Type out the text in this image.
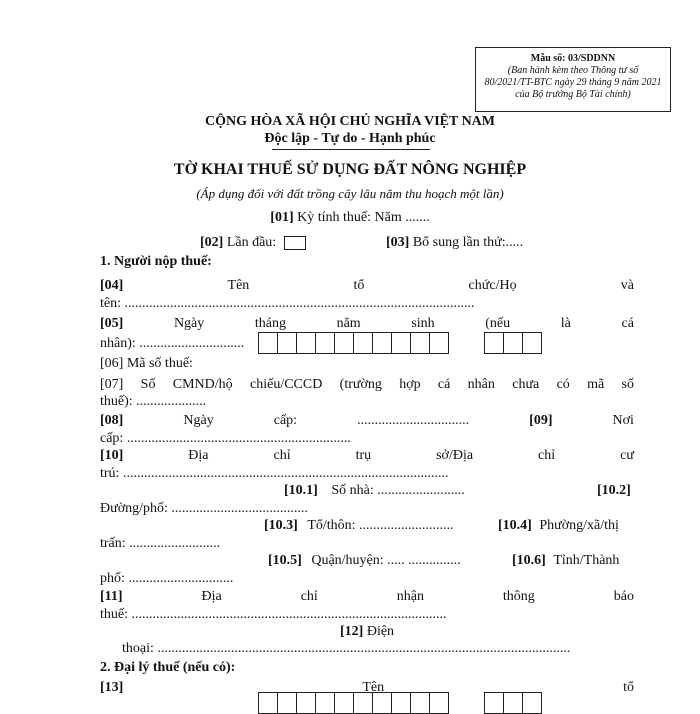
Mẫu số: 03/SDDNN
(Ban hành kèm theo Thông tư số
80/2021/TT-BTC ngày 29 tháng 9 năm 2021
của Bộ trưởng Bộ Tài chính)
CỘNG HÒA XÃ HỘI CHỦ NGHĨA VIỆT NAM
Độc lập - Tự do - Hạnh phúc
TỜ KHAI THUẾ SỬ DỤNG ĐẤT NÔNG NGHIỆP
(Áp dụng đối với đất trồng cây lâu năm thu hoạch một lần)
[01] Kỳ tính thuế: Năm .......
[02] Lần đầu:	[03] Bổ sung lần thứ:.....
1. Người nộp thuế:
[04]	Tên	tổ	chức/Họ	và
tên: ....................................................................................................
[05]	Ngày	tháng	năm	sinh	(nếu	là	cá
nhân): ..............................
[06] Mã số thuế:
[07] Số CMND/hộ chiếu/CCCD (trường hợp cá nhân chưa có mã số
thuế): ....................
[08]	Ngày	cấp:	................................	[09]	Nơi
cấp: ................................................................
[10]	Địa	chỉ	trụ	sở/Địa	chỉ	cư
trú: .............................................................................................
[10.1] Số nhà: .........................	[10.2]
Đường/phố: .......................................
[10.3] Tổ/thôn: ...........................	[10.4] Phường/xã/thị
trấn: ..........................
[10.5] Quận/huyện: ..... ...............	[10.6] Tỉnh/Thành
phố: ..............................
[11]	Địa	chỉ	nhận	thông	báo
thuế: ..........................................................................................
[12] Điện
thoại: ......................................................................................................................
2. Đại lý thuế (nếu có):
[13]	Tên	tổ
